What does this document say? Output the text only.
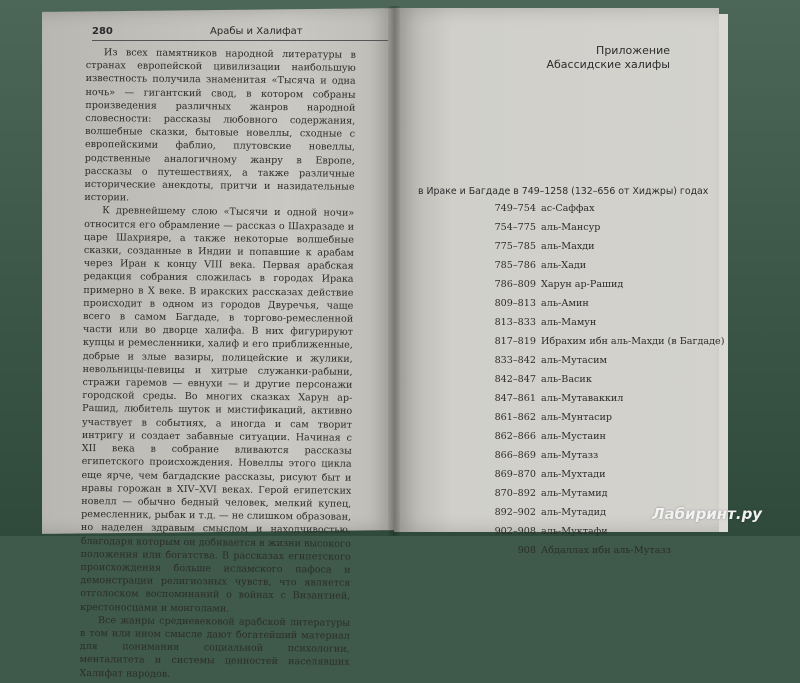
280	Арабы и Халифат

Из всех памятников народной литературы в странах европейской цивилизации наибольшую известность получила знаменитая «Тысяча и одна ночь» — гигантский свод, в котором собраны произведения различных жанров народной словесности: рассказы любовного содержания, волшебные сказки, бытовые новеллы, сходные с европейскими фаблио, плутовские новеллы, родственные аналогичному жанру в Европе, рассказы о путешествиях, а также различные исторические анекдоты, притчи и назидательные истории.

К древнейшему слою «Тысячи и одной ночи» относится его обрамление — рассказ о Шахразаде и царе Шахрияре, а также некоторые волшебные сказки, созданные в Индии и попавшие к арабам через Иран к концу VIII века. Первая арабская редакция собрания сложилась в городах Ирака примерно в X веке. В иракских рассказах действие происходит в одном из городов Двуречья, чаще всего в самом Багдаде, в торгово-ремесленной части или во дворце халифа. В них фигурируют купцы и ремесленники, халиф и его приближенные, добрые и злые вазиры, полицейские и жулики, невольницы-певицы и хитрые служанки-рабыни, стражи гаремов — евнухи — и другие персонажи городской среды. Во многих сказках Харун ар-Рашид, любитель шуток и мистификаций, активно участвует в событиях, а иногда и сам творит интригу и создает забавные ситуации. Начиная с XII века в собрание вливаются рассказы египетского происхождения. Новеллы этого цикла еще ярче, чем багдадские рассказы, рисуют быт и нравы горожан в XIV–XVI веках. Герой египетских новелл — обычно бедный человек, мелкий купец, ремесленник, рыбак и т.д. — не слишком образован, но наделен здравым смыслом и находчивостью, благодаря которым он добивается в жизни высокого положения или богатства. В рассказах египетского происхождения больше исламского пафоса и демонстрации религиозных чувств, что является отголоском воспоминаний о войнах с Византией, крестоносцами и монголами.

Все жанры средневековой арабской литературы в том или ином смысле дают богатейший материал для понимания социальной психологии, менталитета и системы ценностей населявших Халифат народов.

Приложение
Абассидские халифы
в Ираке и Багдаде в 749–1258 (132–656 от Хиджры) годах
749–754 ас-Саффах
754–775 аль-Мансур
775–785 аль-Махди
785–786 аль-Хади
786–809 Харун ар-Рашид
809–813 аль-Амин
813–833 аль-Мамун
817–819 Ибрахим ибн аль-Махди (в Багдаде)
833–842 аль-Мутасим
842–847 аль-Васик
847–861 аль-Мутаваккил
861–862 аль-Мунтасир
862–866 аль-Мустаин
866–869 аль-Мутазз
869–870 аль-Мухтади
870–892 аль-Мутамид
892–902 аль-Мутадид
902–908 аль-Муктафи
908 Абдаллах ибн аль-Мутазз
Лабиринт.ру
